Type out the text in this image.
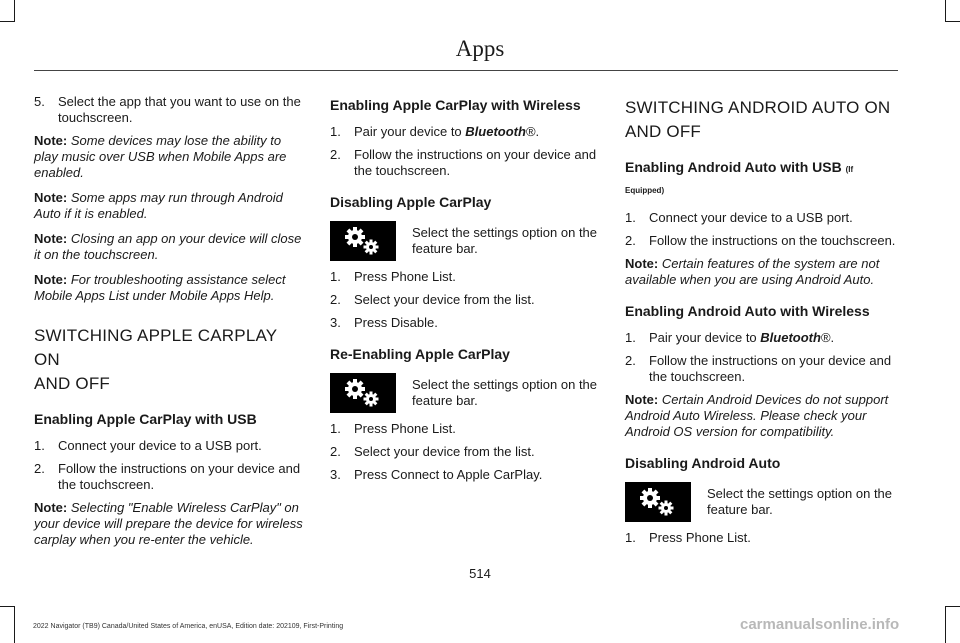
Apps
5.	Select the app that you want to use on the touchscreen.

Note: Some devices may lose the ability to play music over USB when Mobile Apps are enabled.

Note: Some apps may run through Android Auto if it is enabled.

Note: Closing an app on your device will close it on the touchscreen.

Note: For troubleshooting assistance select Mobile Apps List under Mobile Apps Help.

SWITCHING APPLE CARPLAY ON
AND OFF
Enabling Apple CarPlay with USB
1.	Connect your device to a USB port.
2.	Follow the instructions on your device and the touchscreen.

Note: Selecting "Enable Wireless CarPlay" on your device will prepare the device for wireless carplay when you re-enter the vehicle.

Enabling Apple CarPlay with Wireless
1.	Pair your device to Bluetooth®.
2.	Follow the instructions on your device and the touchscreen.
Disabling Apple CarPlay
Select the settings option on the feature bar.
1.	Press Phone List.
2.	Select your device from the list.
3.	Press Disable.
Re-Enabling Apple CarPlay
Select the settings option on the feature bar.
1.	Press Phone List.
2.	Select your device from the list.
3.	Press Connect to Apple CarPlay.
SWITCHING ANDROID AUTO ON
AND OFF
Enabling Android Auto with USB (If
Equipped)
1.	Connect your device to a USB port.
2.	Follow the instructions on the touchscreen.

Note: Certain features of the system are not available when you are using Android Auto.

Enabling Android Auto with Wireless
1.	Pair your device to Bluetooth®.
2.	Follow the instructions on your device and the touchscreen.

Note: Certain Android Devices do not support Android Auto Wireless. Please check your Android OS version for compatibility.

Disabling Android Auto
Select the settings option on the feature bar.
1.	Press Phone List.
514
2022 Navigator (TB9) Canada/United States of America, enUSA, Edition date: 202109, First-Printing	carmanualsonline.info
